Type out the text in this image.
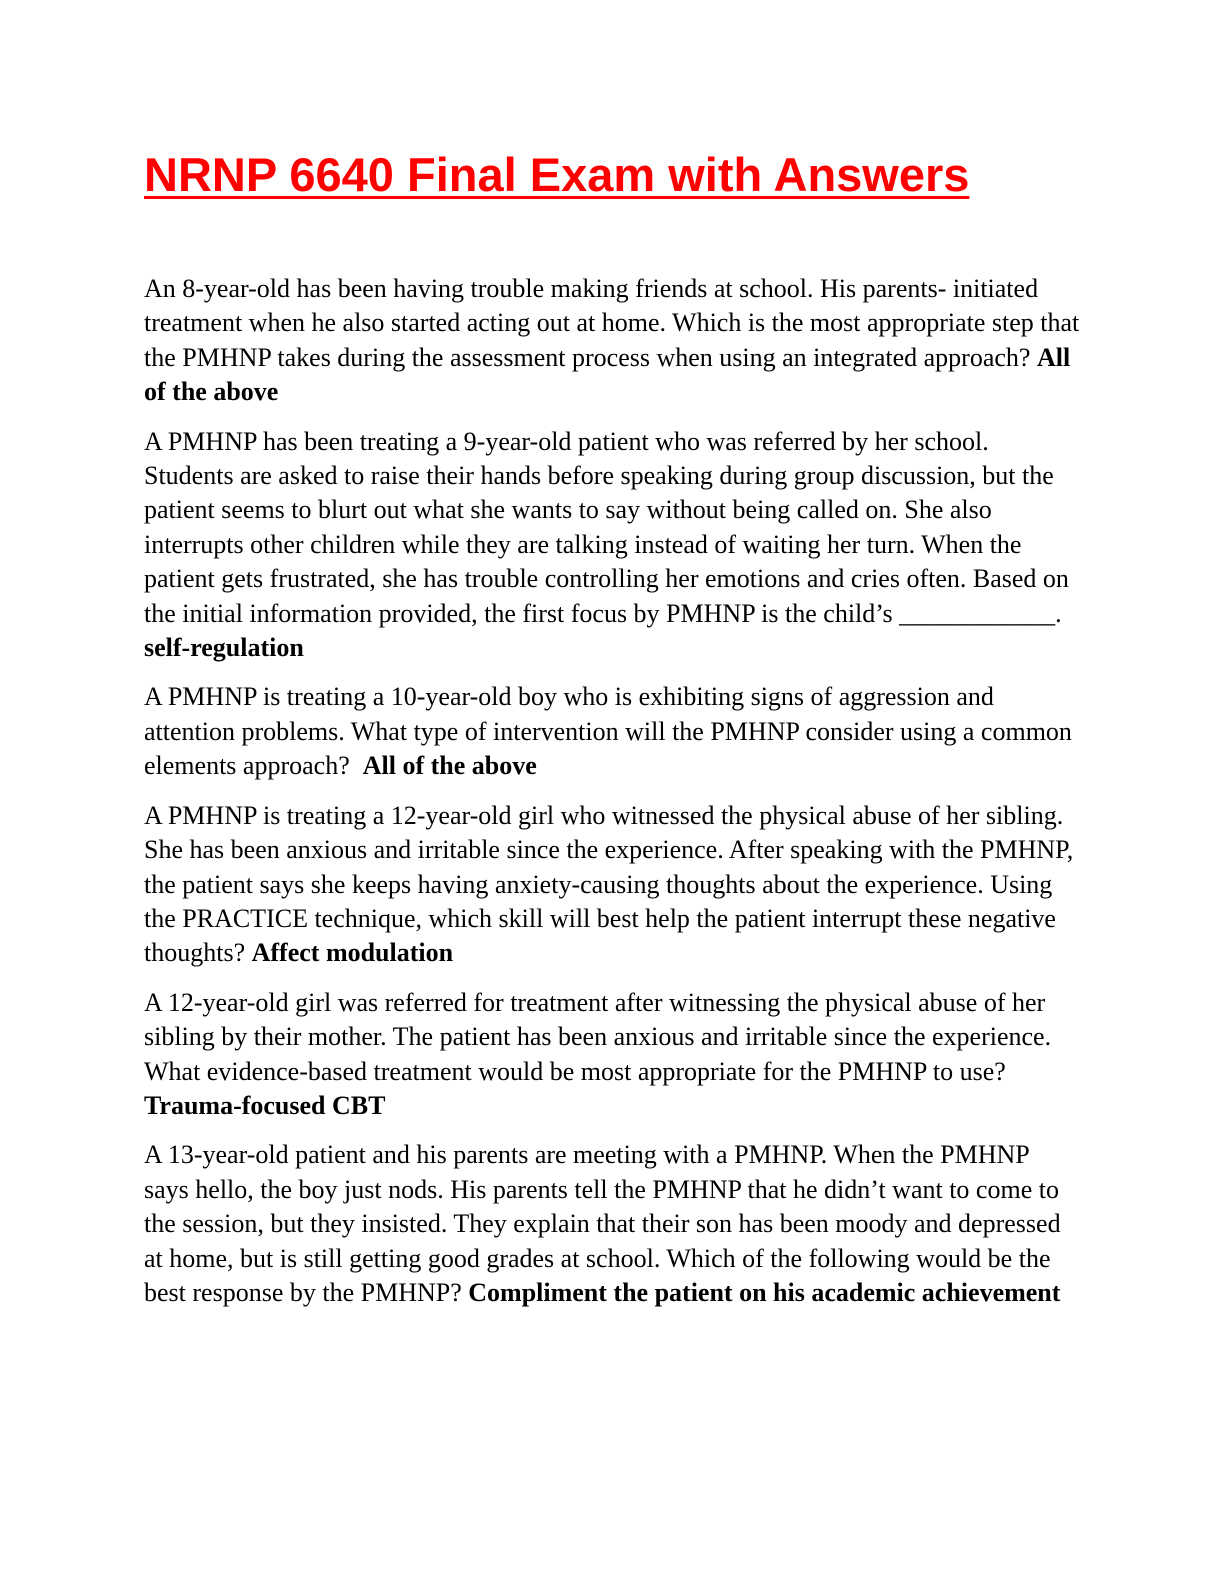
NRNP 6640 Final Exam with Answers

An 8-year-old has been having trouble making friends at school. His parents- initiated treatment when he also started acting out at home. Which is the most appropriate step that the PMHNP takes during the assessment process when using an integrated approach? All of the above

A PMHNP has been treating a 9-year-old patient who was referred by her school. Students are asked to raise their hands before speaking during group discussion, but the patient seems to blurt out what she wants to say without being called on. She also interrupts other children while they are talking instead of waiting her turn. When the patient gets frustrated, she has trouble controlling her emotions and cries often. Based on the initial information provided, the first focus by PMHNP is the child’s ____________. self-regulation

A PMHNP is treating a 10-year-old boy who is exhibiting signs of aggression and attention problems. What type of intervention will the PMHNP consider using a common elements approach? All of the above

A PMHNP is treating a 12-year-old girl who witnessed the physical abuse of her sibling. She has been anxious and irritable since the experience. After speaking with the PMHNP, the patient says she keeps having anxiety-causing thoughts about the experience. Using the PRACTICE technique, which skill will best help the patient interrupt these negative thoughts? Affect modulation

A 12-year-old girl was referred for treatment after witnessing the physical abuse of her sibling by their mother. The patient has been anxious and irritable since the experience. What evidence-based treatment would be most appropriate for the PMHNP to use? Trauma-focused CBT

A 13-year-old patient and his parents are meeting with a PMHNP. When the PMHNP says hello, the boy just nods. His parents tell the PMHNP that he didn’t want to come to the session, but they insisted. They explain that their son has been moody and depressed at home, but is still getting good grades at school. Which of the following would be the best response by the PMHNP? Compliment the patient on his academic achievement
